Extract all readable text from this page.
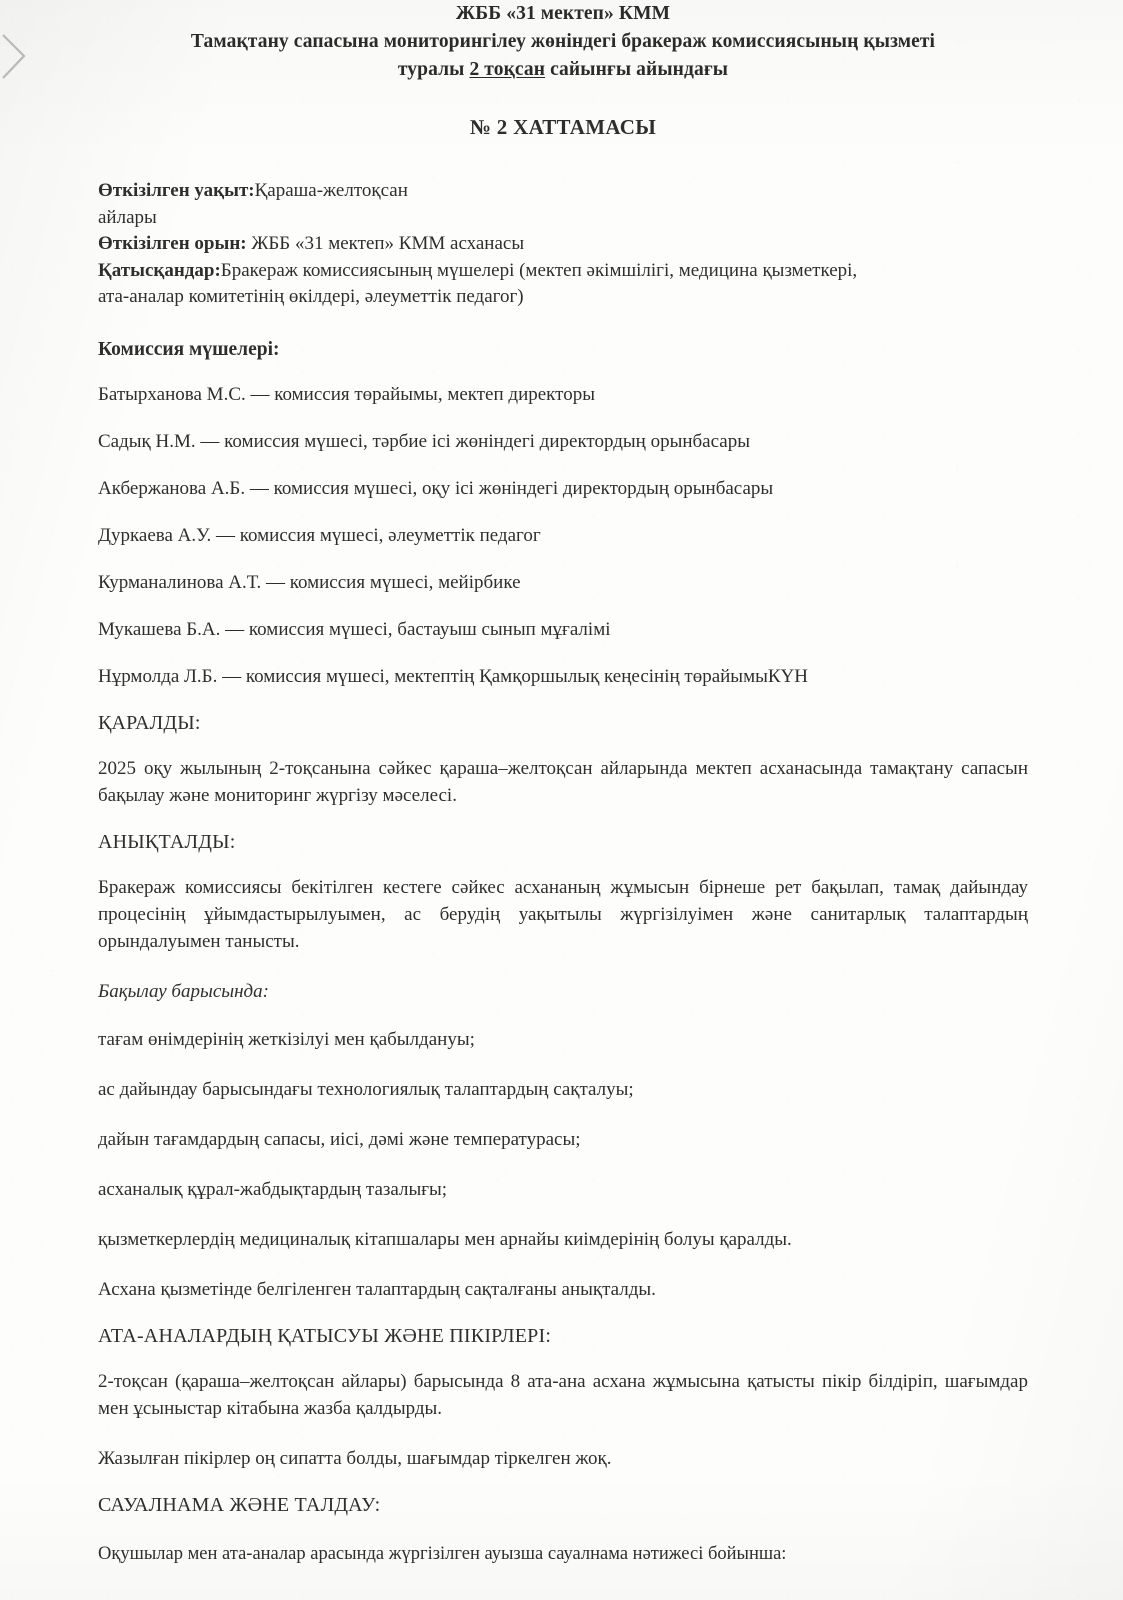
ЖББ «31 мектеп» КММ
Тамақтану сапасына мониторингілеу жөніндегі бракераж комиссиясының қызметі
туралы 2 тоқсан сайынғы айындағы
№ 2 ХАТТАМАСЫ
Өткізілген уақыт:Қараша-желтоқсан
айлары
Өткізілген орын: ЖББ «31 мектеп» КММ асханасы
Қатысқандар:Бракераж комиссиясының мүшелері (мектеп әкімшілігі, медицина қызметкері,
ата-аналар комитетінің өкілдері, әлеуметтік педагог)
Комиссия мүшелері:
Батырханова М.С. — комиссия төрайымы, мектеп директоры
Садық Н.М. — комиссия мүшесі, тәрбие ісі жөніндегі директордың орынбасары
Акбержанова А.Б. — комиссия мүшесі, оқу ісі жөніндегі директордың орынбасары
Дуркаева А.У. — комиссия мүшесі, әлеуметтік педагог
Курманалинова А.Т. — комиссия мүшесі, мейірбике
Мукашева Б.А. — комиссия мүшесі, бастауыш сынып мұғалімі
Нұрмолда Л.Б. — комиссия мүшесі, мектептің Қамқоршылық кеңесінің төрайымыКҮН
ҚАРАЛДЫ:
2025 оқу жылының 2-тоқсанына сәйкес қараша–желтоқсан айларында мектеп асханасында тамақтану сапасын бақылау және мониторинг жүргізу мәселесі.
АНЫҚТАЛДЫ:
Бракераж комиссиясы бекітілген кестеге сәйкес асхананың жұмысын бірнеше рет бақылап, тамақ дайындау процесінің ұйымдастырылуымен, ас берудің уақытылы жүргізілуімен және санитарлық талаптардың орындалуымен танысты.
Бақылау барысында:
тағам өнімдерінің жеткізілуі мен қабылдануы;
ас дайындау барысындағы технологиялық талаптардың сақталуы;
дайын тағамдардың сапасы, иісі, дәмі және температурасы;
асханалық құрал-жабдықтардың тазалығы;
қызметкерлердің медициналық кітапшалары мен арнайы киімдерінің болуы қаралды.
Асхана қызметінде белгіленген талаптардың сақталғаны анықталды.
АТА-АНАЛАРДЫҢ ҚАТЫСУЫ ЖӘНЕ ПІКІРЛЕРІ:
2-тоқсан (қараша–желтоқсан айлары) барысында 8 ата-ана асхана жұмысына қатысты пікір білдіріп, шағымдар мен ұсыныстар кітабына жазба қалдырды.
Жазылған пікірлер оң сипатта болды, шағымдар тіркелген жоқ.
САУАЛНАМА ЖӘНЕ ТАЛДАУ:
Оқушылар мен ата-аналар арасында жүргізілген ауызша сауалнама нәтижесі бойынша:
